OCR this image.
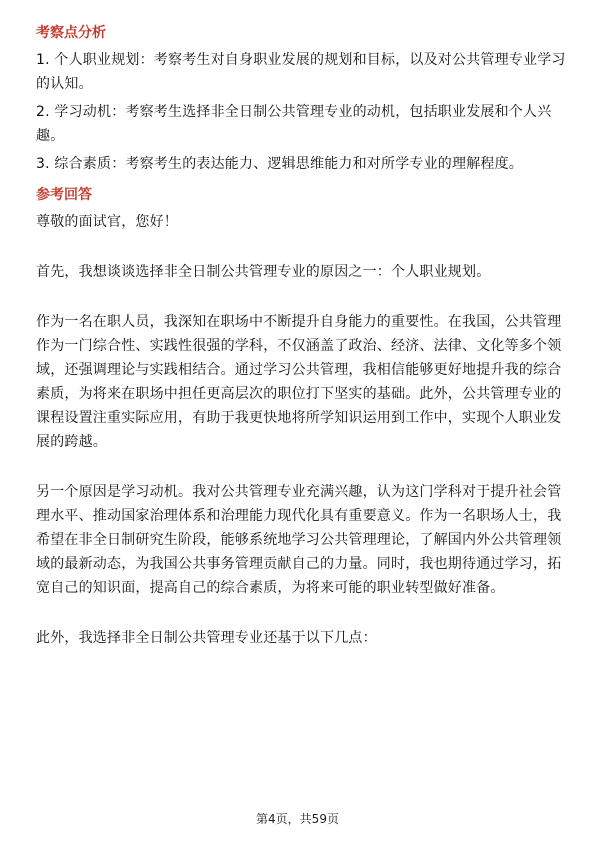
考察点分析

1. 个人职业规划：考察考生对自身职业发展的规划和目标，以及对公共管理专业学习的认知。

2. 学习动机：考察考生选择非全日制公共管理专业的动机，包括职业发展和个人兴趣。

3. 综合素质：考察考生的表达能力、逻辑思维能力和对所学专业的理解程度。

参考回答

尊敬的面试官，您好！

首先，我想谈谈选择非全日制公共管理专业的原因之一：个人职业规划。

作为一名在职人员，我深知在职场中不断提升自身能力的重要性。在我国，公共管理作为一门综合性、实践性很强的学科，不仅涵盖了政治、经济、法律、文化等多个领域，还强调理论与实践相结合。通过学习公共管理，我相信能够更好地提升我的综合素质，为将来在职场中担任更高层次的职位打下坚实的基础。此外，公共管理专业的课程设置注重实际应用，有助于我更快地将所学知识运用到工作中，实现个人职业发展的跨越。

另一个原因是学习动机。我对公共管理专业充满兴趣，认为这门学科对于提升社会管理水平、推动国家治理体系和治理能力现代化具有重要意义。作为一名职场人士，我希望在非全日制研究生阶段，能够系统地学习公共管理理论，了解国内外公共管理领域的最新动态，为我国公共事务管理贡献自己的力量。同时，我也期待通过学习，拓宽自己的知识面，提高自己的综合素质，为将来可能的职业转型做好准备。

此外，我选择非全日制公共管理专业还基于以下几点：

第4页，共59页
